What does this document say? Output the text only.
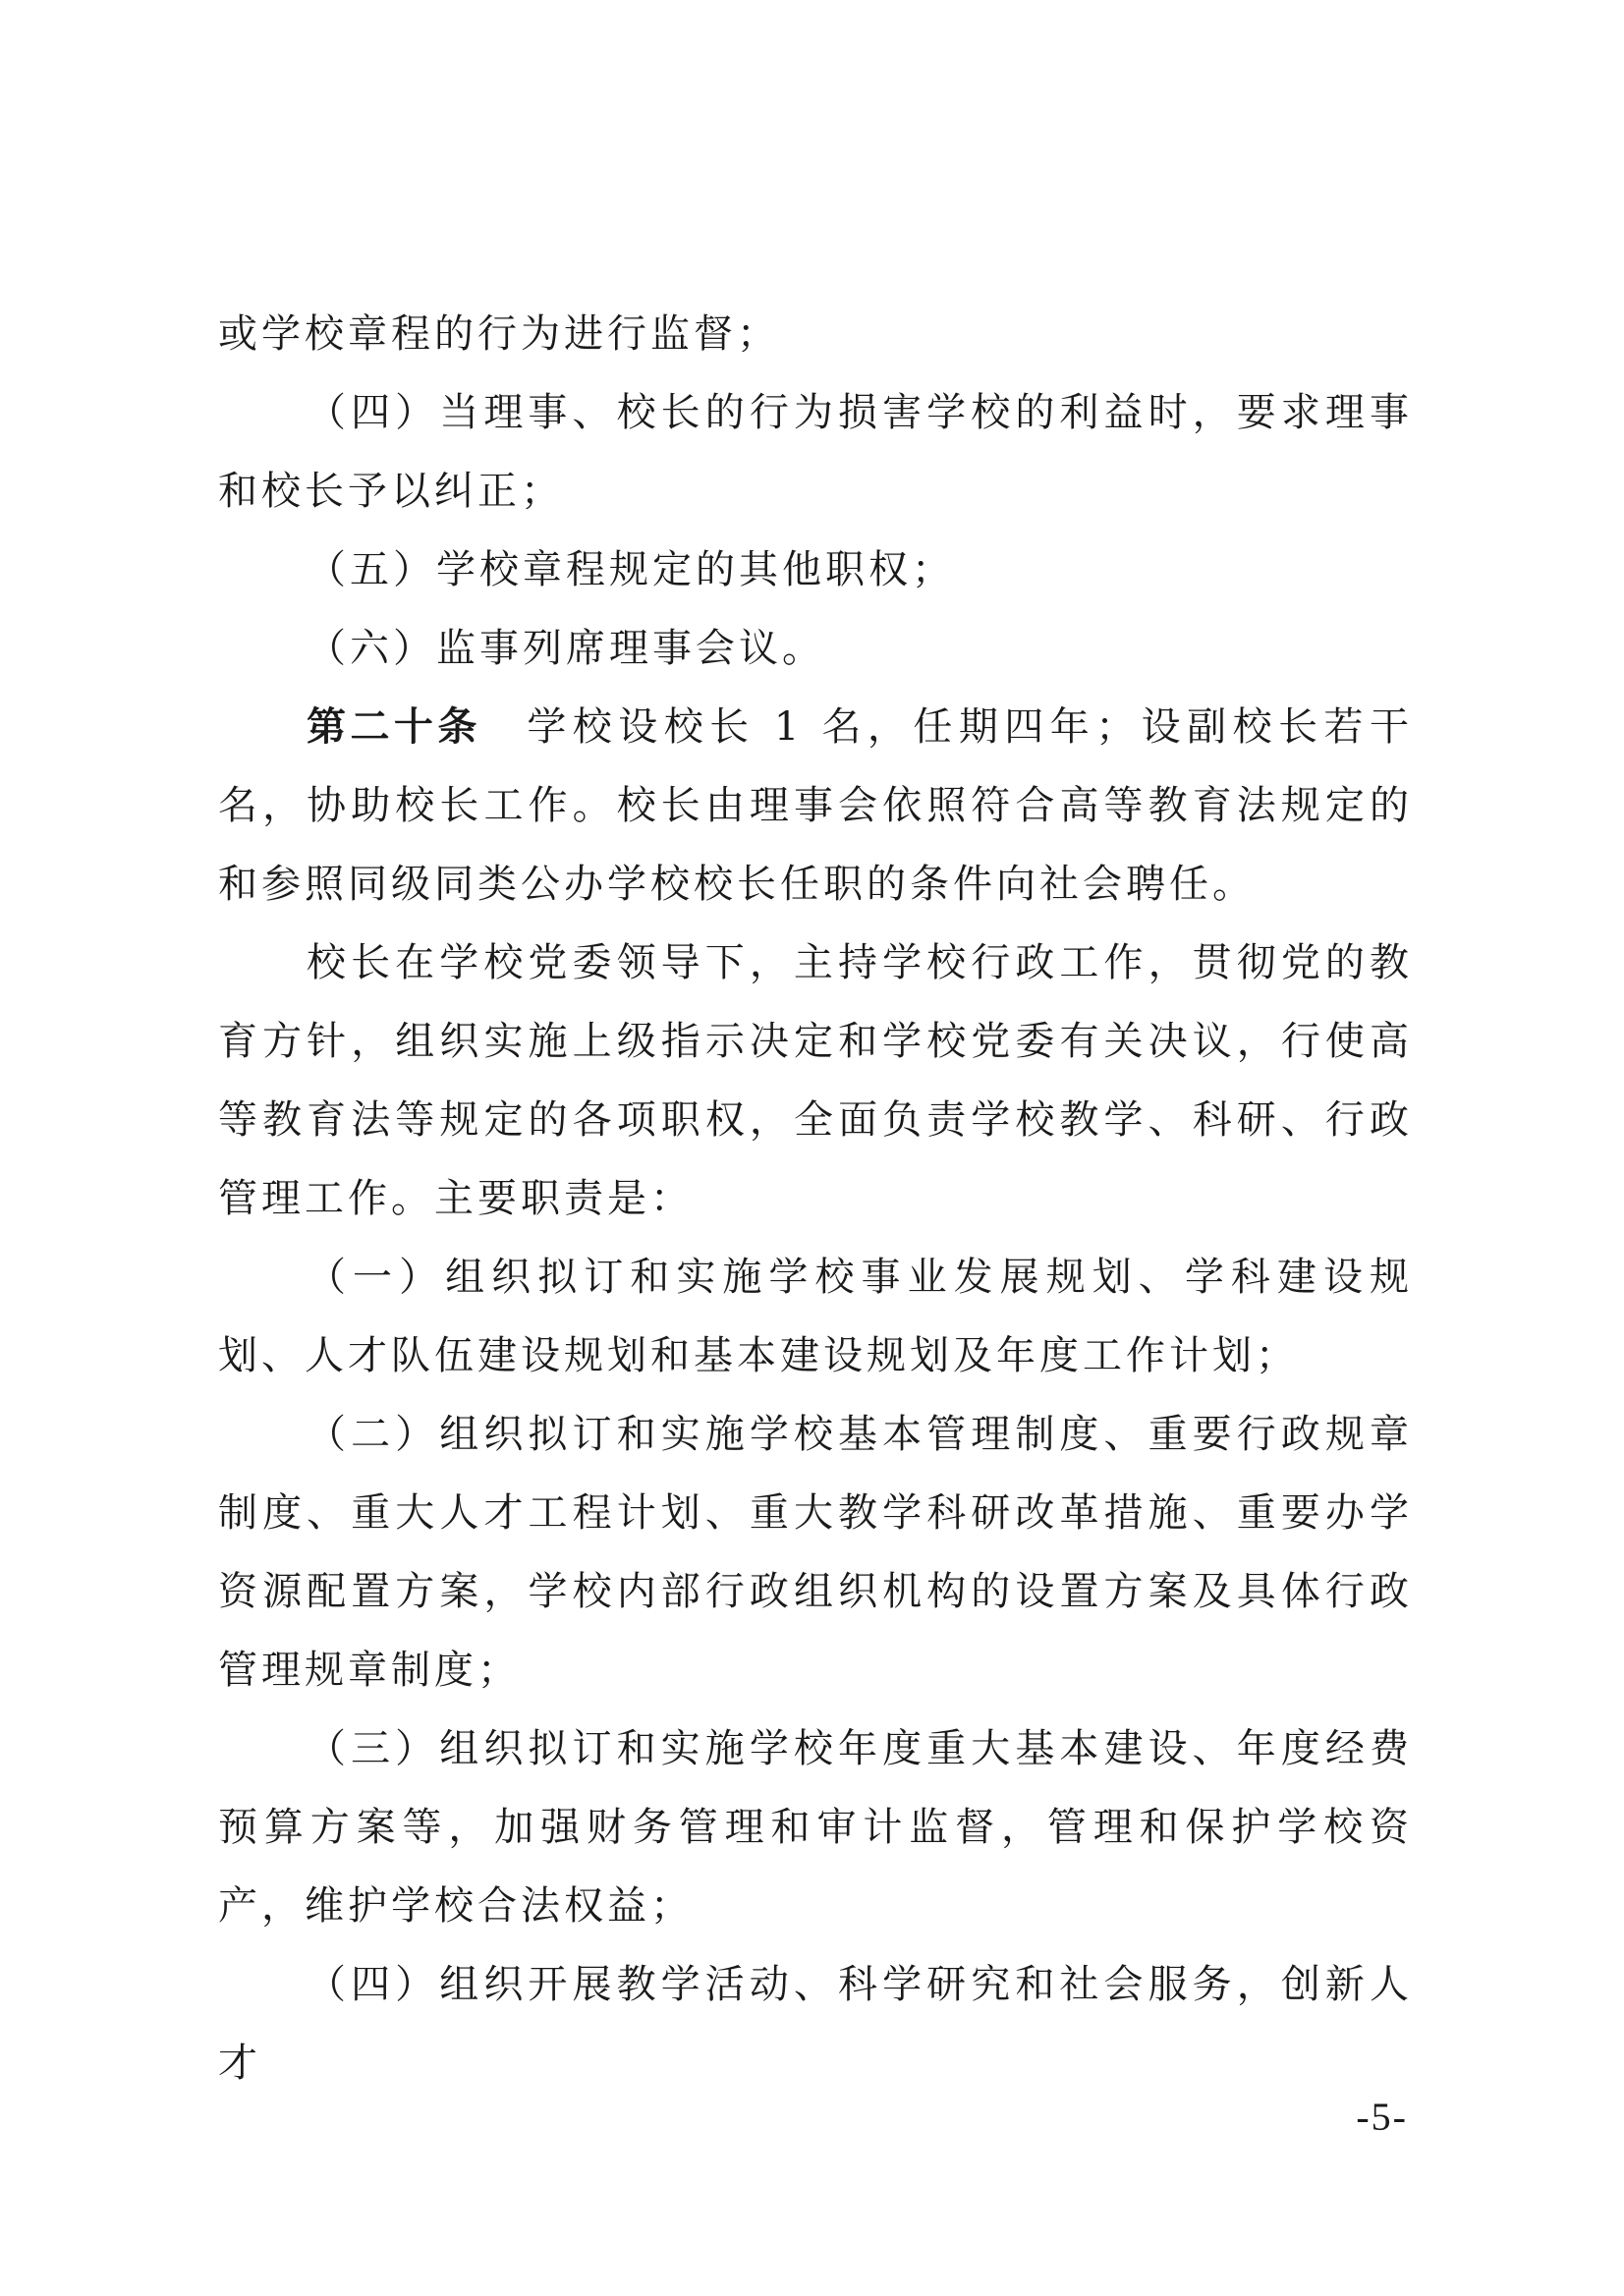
或学校章程的行为进行监督；

（四）当理事、校长的行为损害学校的利益时，要求理事和校长予以纠正；

（五）学校章程规定的其他职权；

（六）监事列席理事会议。

第二十条 学校设校长 1 名，任期四年；设副校长若干名，协助校长工作。校长由理事会依照符合高等教育法规定的和参照同级同类公办学校校长任职的条件向社会聘任。

校长在学校党委领导下，主持学校行政工作，贯彻党的教育方针，组织实施上级指示决定和学校党委有关决议，行使高等教育法等规定的各项职权，全面负责学校教学、科研、行政管理工作。主要职责是：

（一）组织拟订和实施学校事业发展规划、学科建设规划、人才队伍建设规划和基本建设规划及年度工作计划；

（二）组织拟订和实施学校基本管理制度、重要行政规章制度、重大人才工程计划、重大教学科研改革措施、重要办学资源配置方案，学校内部行政组织机构的设置方案及具体行政管理规章制度；

（三）组织拟订和实施学校年度重大基本建设、年度经费预算方案等，加强财务管理和审计监督，管理和保护学校资产，维护学校合法权益；

（四）组织开展教学活动、科学研究和社会服务，创新人才

-5-
